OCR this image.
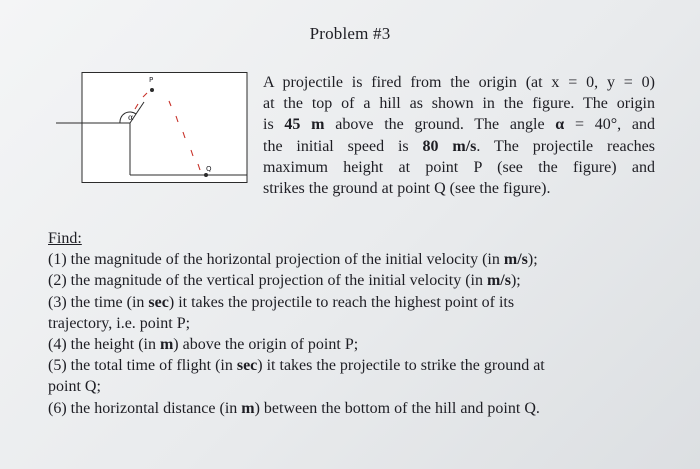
Problem #3
α
P
Q
A projectile is fired from the origin (at x = 0, y = 0)
at the top of a hill as shown in the figure. The origin
is 45 m above the ground. The angle α = 40°, and
the initial speed is 80 m/s. The projectile reaches
maximum height at point P (see the figure) and
strikes the ground at point Q (see the figure).
Find:
(1) the magnitude of the horizontal projection of the initial velocity (in m/s);
(2) the magnitude of the vertical projection of the initial velocity (in m/s);
(3) the time (in sec) it takes the projectile to reach the highest point of its
trajectory, i.e. point P;
(4) the height (in m) above the origin of point P;
(5) the total time of flight (in sec) it takes the projectile to strike the ground at
point Q;
(6) the horizontal distance (in m) between the bottom of the hill and point Q.
